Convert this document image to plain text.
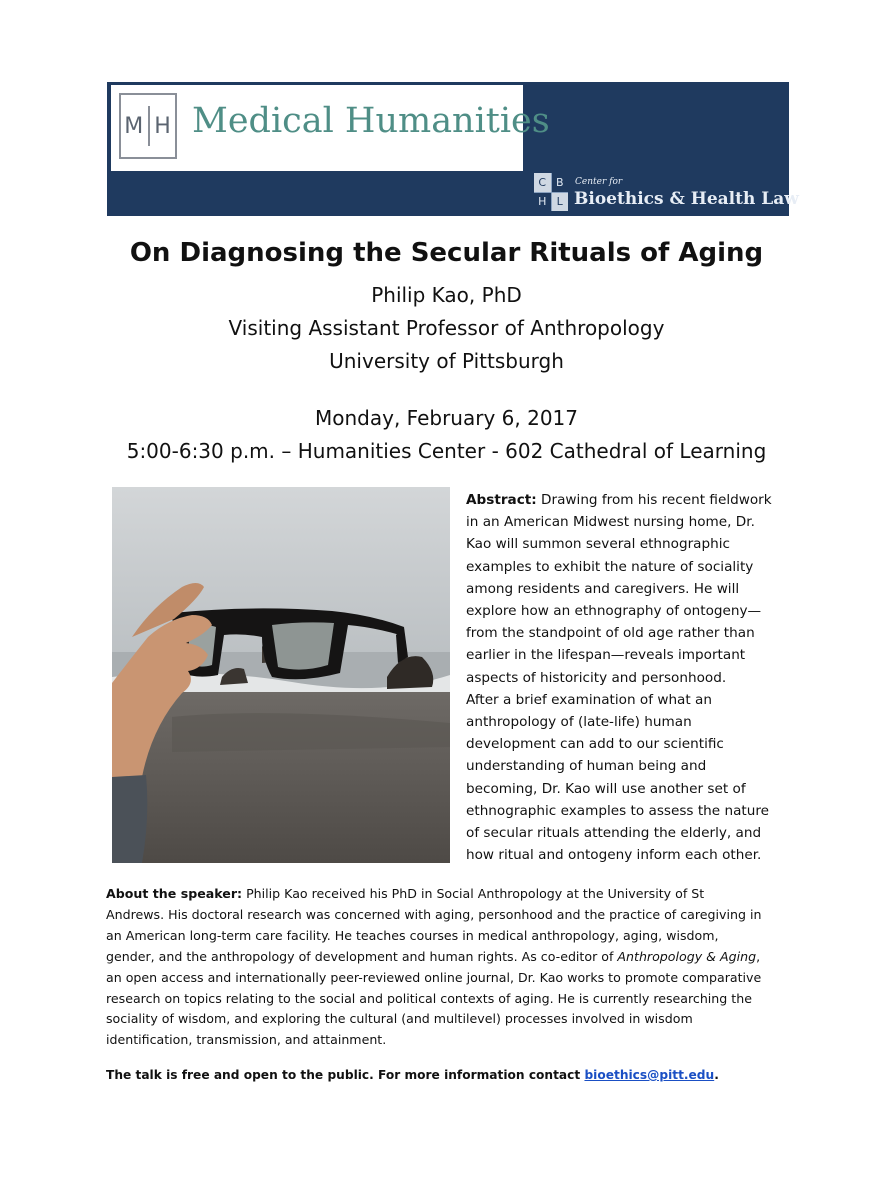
M H Medical Humanities
C B
H L
Center for
Bioethics & Health Law
On Diagnosing the Secular Rituals of Aging
Philip Kao, PhD
Visiting Assistant Professor of Anthropology
University of Pittsburgh
Monday, February 6, 2017
5:00-6:30 p.m. – Humanities Center - 602 Cathedral of Learning
Abstract: Drawing from his recent fieldwork
in an American Midwest nursing home, Dr.
Kao will summon several ethnographic
examples to exhibit the nature of sociality
among residents and caregivers. He will
explore how an ethnography of ontogeny—
from the standpoint of old age rather than
earlier in the lifespan—reveals important
aspects of historicity and personhood.
After a brief examination of what an
anthropology of (late-life) human
development can add to our scientific
understanding of human being and
becoming, Dr. Kao will use another set of
ethnographic examples to assess the nature
of secular rituals attending the elderly, and
how ritual and ontogeny inform each other.
About the speaker: Philip Kao received his PhD in Social Anthropology at the University of St
Andrews. His doctoral research was concerned with aging, personhood and the practice of caregiving in
an American long-term care facility. He teaches courses in medical anthropology, aging, wisdom,
gender, and the anthropology of development and human rights. As co-editor of Anthropology & Aging,
an open access and internationally peer-reviewed online journal, Dr. Kao works to promote comparative
research on topics relating to the social and political contexts of aging. He is currently researching the
sociality of wisdom, and exploring the cultural (and multilevel) processes involved in wisdom
identification, transmission, and attainment.
The talk is free and open to the public. For more information contact bioethics@pitt.edu.
